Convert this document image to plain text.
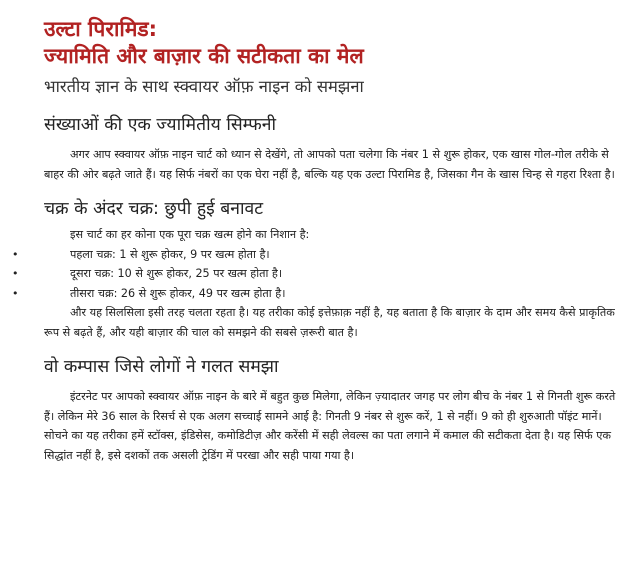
उल्टा पिरामिड:
ज्यामिति और बाज़ार की सटीकता का मेल
भारतीय ज्ञान के साथ स्क्वायर ऑफ़ नाइन को समझना
संख्याओं की एक ज्यामितीय सिम्फनी
अगर आप स्क्वायर ऑफ़ नाइन चार्ट को ध्यान से देखेंगे, तो आपको पता चलेगा कि नंबर 1 से शुरू होकर, एक खास गोल-गोल तरीके से बाहर की ओर बढ़ते जाते हैं। यह सिर्फ नंबरों का एक घेरा नहीं है, बल्कि यह एक उल्टा पिरामिड है, जिसका गैन के खास चिन्ह से गहरा रिश्ता है।
चक्र के अंदर चक्र: छुपी हुई बनावट
इस चार्ट का हर कोना एक पूरा चक्र खत्म होने का निशान है:
•	पहला चक्र: 1 से शुरू होकर, 9 पर खत्म होता है।
•	दूसरा चक्र: 10 से शुरू होकर, 25 पर खत्म होता है।
•	तीसरा चक्र: 26 से शुरू होकर, 49 पर खत्म होता है।
और यह सिलसिला इसी तरह चलता रहता है। यह तरीका कोई इत्तेफ़ाक़ नहीं है, यह बताता है कि बाज़ार के दाम और समय कैसे प्राकृतिक रूप से बढ़ते हैं, और यही बाज़ार की चाल को समझने की सबसे ज़रूरी बात है।
वो कम्पास जिसे लोगों ने गलत समझा
इंटरनेट पर आपको स्क्वायर ऑफ़ नाइन के बारे में बहुत कुछ मिलेगा, लेकिन ज़्यादातर जगह पर लोग बीच के नंबर 1 से गिनती शुरू करते हैं। लेकिन मेरे 36 साल के रिसर्च से एक अलग सच्चाई सामने आई है: गिनती 9 नंबर से शुरू करें, 1 से नहीं। 9 को ही शुरुआती पॉइंट मानें। सोचने का यह तरीका हमें स्टॉक्स, इंडिसेस, कमोडिटीज़ और करेंसी में सही लेवल्स का पता लगाने में कमाल की सटीकता देता है। यह सिर्फ एक सिद्धांत नहीं है, इसे दशकों तक असली ट्रेडिंग में परखा और सही पाया गया है।
